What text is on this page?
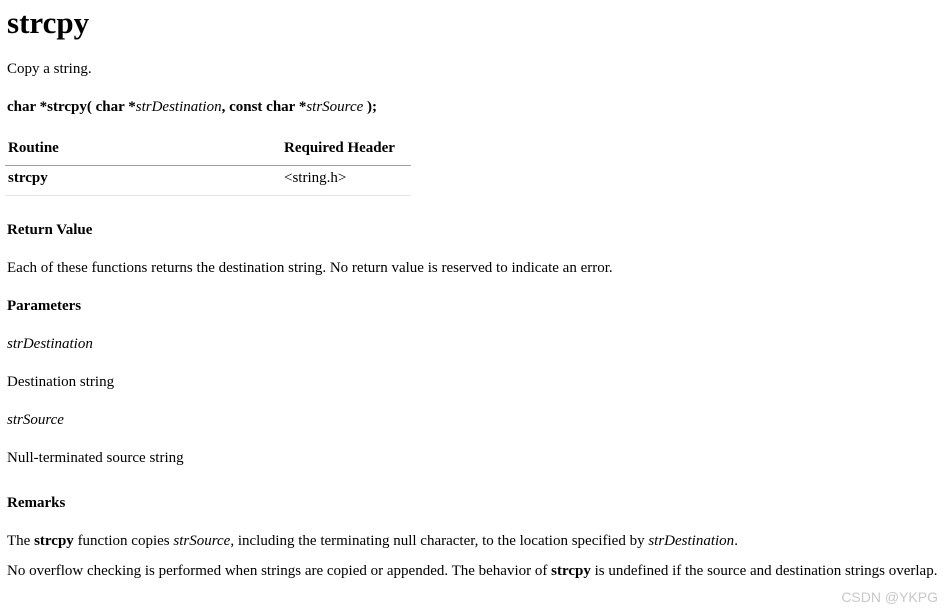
strcpy

Copy a string.

char *strcpy( char *strDestination, const char *strSource );

Routine	Required Header
strcpy	<string.h>

Return Value

Each of these functions returns the destination string. No return value is reserved to indicate an error.

Parameters

strDestination

Destination string

strSource

Null-terminated source string

Remarks

The strcpy function copies strSource, including the terminating null character, to the location specified by strDestination.

No overflow checking is performed when strings are copied or appended. The behavior of strcpy is undefined if the source and destination strings overlap.

CSDN @YKPG
